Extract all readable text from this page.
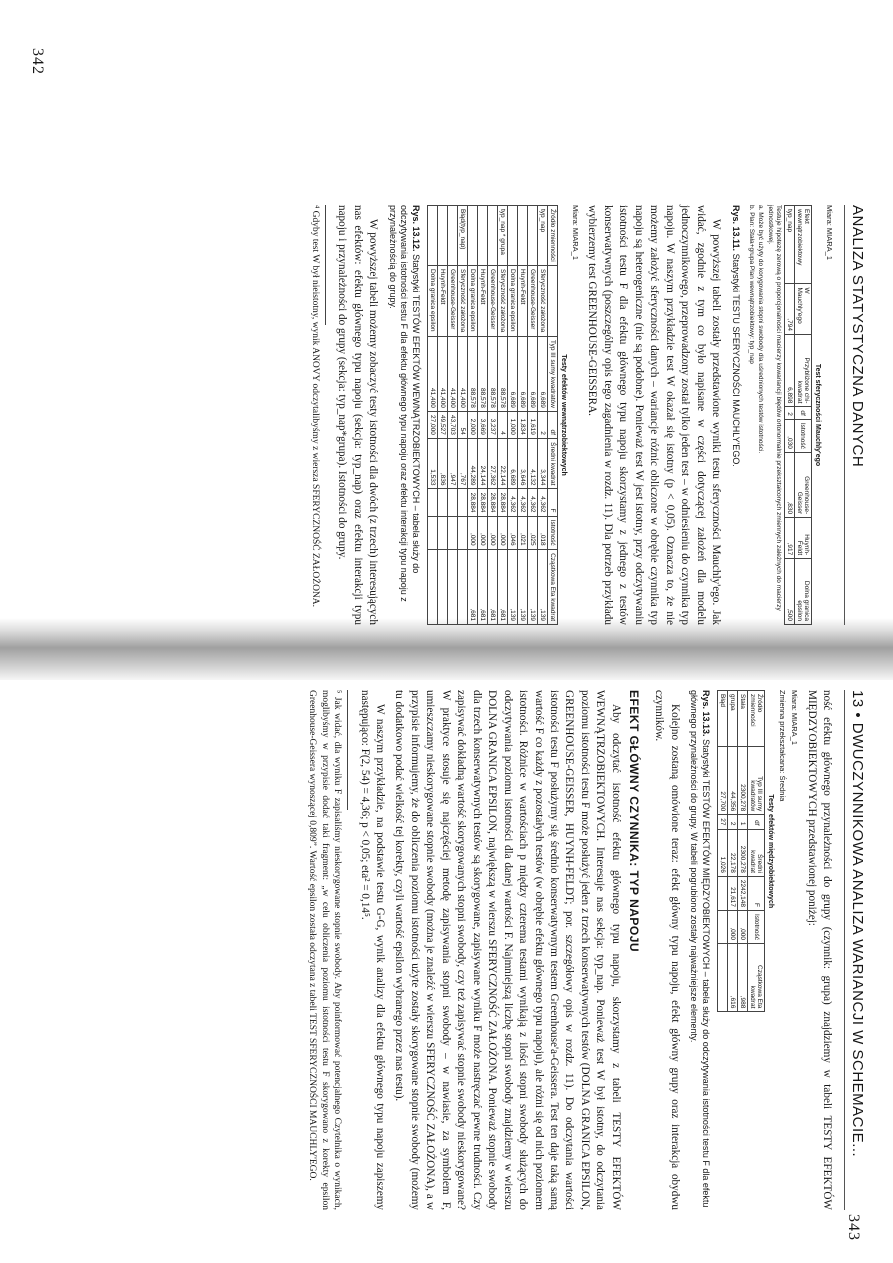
342
343
ANALIZA STATYSTYCZNA DANYCH
Miara: MIARA_1
Test sferyczności Mauchly'ego
Efekt wewnątrzobiektowy	W Mauchly'ego	Przybliżone chi-kwadrat	df	Istotność	Greenhouse-Geisser	Huynh-Feldt	Dolna granica epsilon
typ_nap	,794	6,898	2	,030	,830	,917	,500
Testuje hipotezę zerową o proporcjonalności macierzy kowariancji błędów ortonormalnie przekształconych zmiennych zależnych do macierzy jednostkowej.
a. Może być użyty do korygowania stopni swobody dla uśrednionych testów istotności.
b. Plan: Stała+grupa Plan wewnątrzobiektowy: typ_nap
Rys. 13.11. Statystyki TESTU SFERYCZNOŚCI MAUCHLY'EGO.

W powyższej tabeli zostały przedstawione wyniki testu sferyczności Mauchly'ego. Jak widać, zgodnie z tym co było napisane w części dotyczącej założeń dla modelu jednoczynnikowego, przeprowadzony został tylko jeden test – w odniesieniu do czynnika typ napoju. W naszym przykładzie test W okazał się istotny (p < 0,05). Oznacza to, że nie możemy założyć sferyczności danych – wariancje różnic obliczone w obrębie czynnika typ napoju są heterogeniczne (nie są podobne). Ponieważ test W jest istotny, przy odczytywaniu istotności testu F dla efektu głównego typu napoju skorzystamy z jednego z testów konserwatywnych (poszczególny opis tego zagadnienia w rozdz. 11). Dla potrzeb przykładu wybierzemy test GREENHOUSE-GEISSERA.

Miara: MIARA_1
Testy efektów wewnątrzobiektowych
Źródło zmienności		Typ III sumy kwadratów	df	Średni kwadrat	F	Istotność	Cząstkowa Eta kwadrat
typ_nap	Sferyczność założona	6,689	2	3,344	4,362	,018	,139
	Greenhouse-Geisser	6,689	1,619	4,132	4,362	,025	,139
	Huynh-Feldt	6,689	1,834	3,646	4,362	,021	,139
	Dolna granica epsilon	6,689	1,000	6,689	4,362	,046	,139
typ_nap * grupa	Sferyczność założona	88,578	4	22,144	28,884	,000	,681
	Greenhouse-Geisser	88,578	3,237	27,362	28,884	,000	,681
	Huynh-Feldt	88,578	3,669	24,144	28,884	,000	,681
	Dolna granica epsilon	88,578	2,000	44,289	28,884	,000	,681
Błąd(typ_nap)	Sferyczność założona	41,400	54	,767			
	Greenhouse-Geisser	41,400	43,703	,947			
	Huynh-Feldt	41,400	49,527	,836			
	Dolna granica epsilon	41,400	27,000	1,533			
Rys. 13.12. Statystyki TESTÓW EFEKTÓW WEWNĄTRZOBIEKTOWYCH – tabela służy do odczytywania istotności testu F dla efektu głównego typu napoju oraz efektu interakcji typu napoju z przynależnością do grupy.

W powyższej tabeli możemy zobaczyć testy istotności dla dwóch (z trzech) interesujących nas efektów: efektu głównego typu napoju (sekcja: typ_nap) oraz efektu interakcji typu napoju i przynależności do grupy (sekcja: typ_nap*grupa). Istotności do grupy.

⁴ Gdyby test W był nieistotny, wynik ANOVY odczytalibyśmy z wiersza SFERYCZNOŚĆ ZAŁOŻONA.

13 • DWUCZYNNIKOWA ANALIZA WARIANCJI W SCHEMACIE...

ność efektu głównego przynależności do grupy (czynnik: grupa) znajdziemy w tabeli TESTY EFEKTÓW MIĘDZYOBIEKTOWYCH przedstawionej poniżej:

Miara: MIARA_1
Zmienna przekształcana: Średnia
Testy efektów międzyobiektowych
Źródło zmienności	Typ III sumy kwadratów	df	Średni kwadrat	F	Istotność	Cząstkowa Eta kwadrat
Stała	2300,278	1	2300,278	2242,148	,000	,988
grupa	44,356	2	22,178	21,617	,000	,616
Błąd	27,700	27	1,026			
Rys. 13.13. Statystyki TESTÓW EFEKTÓW MIĘDZYOBIEKTOWYCH – tabela służy do odczytywania istotności testu F dla efektu głównego przynależności do grupy. W tabeli pogrubiono zostały najważniejsze elementy.

Kolejno zostaną omówione teraz: efekt główny typu napoju, efekt główny grupy oraz interakcja obydwu czynników.

EFEKT GŁÓWNY CZYNNIKA: TYP NAPOJU

Aby odczytać istotność efektu głównego typu napoju, skorzystamy z tabeli TESTY EFEKTÓW WEWNĄTRZOBIEKTOWYCH. Interesuje nas sekcja: typ_nap. Ponieważ test W był istotny, do odczytania poziomu istotności testu F może posłużyć jeden z trzech konserwatywnych testów (DOLNA GRANICA EPSILON, GREENHOUSE-GEISSER, HUYNH-FELDT; por. szczegółowy opis w rozdz. 11). Do odczytania wartości istotności testu F posłużymy się średnio konserwatywnym testem Greenhouse'a-Geissera. Test ten daje taką samą wartość F co każdy z pozostałych testów (w obrębie efektu głównego typu napoju), ale różni się od nich poziomem istotności. Różnice w wartościach p między czterema testami wynikają z ilości stopni swobody służących do odczytywania poziomu istotności dla danej wartości F. Najmniejszą liczbę stopni swobody znajdziemy w wierszu DOLNA GRANICA EPSILON, największą w wierszu SFERYCZNOŚĆ ZAŁOŻONA. Ponieważ stopnie swobody dla trzech konserwatywnych testów są skorygowane, zapisywane wyniku F może nastręczać pewne trudności. Czy zapisywać dokładną wartość skorygowanych stopni swobody, czy też zapisywać stopnie swobody nieskorygowane? W praktyce stosuje się najczęściej metodę zapisywania stopni swobody – w nawiasie, za symbolem F, umieszczamy nieskorygowane stopnie swobody (można je znaleźć w wierszu SFERYCZNOŚĆ ZAŁOŻONA), a w przypisie informujemy, że do obliczenia poziomu istotności użyte zostały skorygowane stopnie swobody (możemy tu dodatkowo podać wielkość tej korekty, czyli wartość epsilon wybranego przez nas testu).

W naszym przykładzie, na podstawie testu G-G, wynik analizy dla efektu głównego typu napoju zapiszemy następująco: F(2, 54) = 4,36; p < 0,05; eta² = 0,14⁵.

⁵ Jak widać, dla wyniku F zapisaliśmy nieskorygowane stopnie swobody. Aby poinformować potencjalnego Czytelnika o wynikach, moglibyśmy w przypisie dodać taki fragment: „w celu obliczenia poziomu istotności testu F skorygowano z korekty epsilon Greenhouse-Geissera wynoszącej 0,809”. Wartość epsilon została odczytana z tabeli TEST SFERYCZNOŚCI MAUCHLY'EGO.
